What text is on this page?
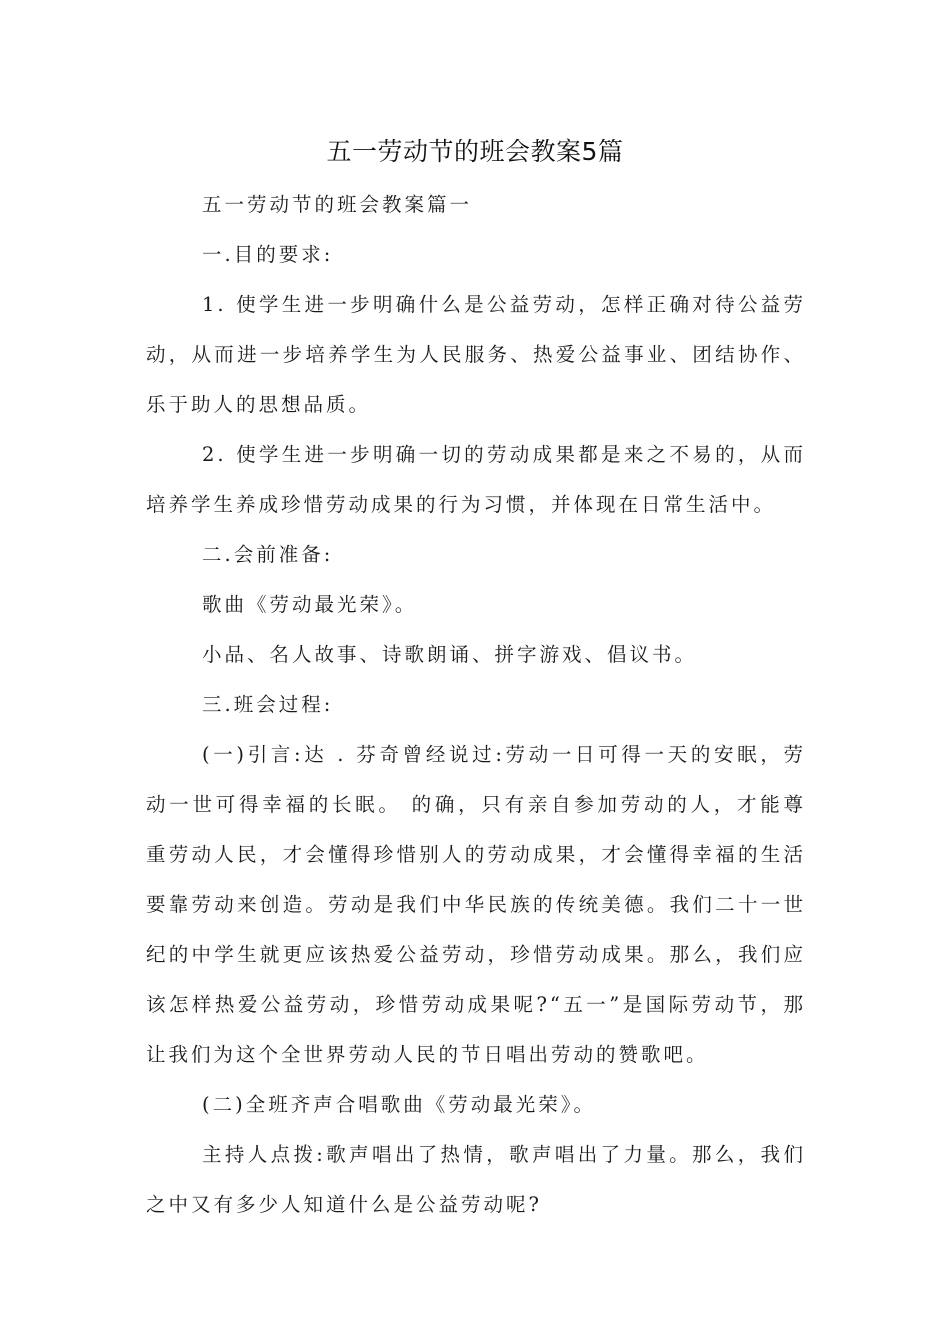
五一劳动节的班会教案5篇

五一劳动节的班会教案篇一

一.目的要求:

1. 使学生进一步明确什么是公益劳动，怎样正确对待公益劳动，从而进一步培养学生为人民服务、热爱公益事业、团结协作、乐于助人的思想品质。

2. 使学生进一步明确一切的劳动成果都是来之不易的，从而培养学生养成珍惜劳动成果的行为习惯，并体现在日常生活中。

二.会前准备:

歌曲《劳动最光荣》。

小品、名人故事、诗歌朗诵、拼字游戏、倡议书。

三.班会过程:

(一)引言:达 . 芬奇曾经说过:劳动一日可得一天的安眠，劳动一世可得幸福的长眠。 的确，只有亲自参加劳动的人，才能尊重劳动人民，才会懂得珍惜别人的劳动成果，才会懂得幸福的生活要靠劳动来创造。劳动是我们中华民族的传统美德。我们二十一世纪的中学生就更应该热爱公益劳动，珍惜劳动成果。那么，我们应该怎样热爱公益劳动，珍惜劳动成果呢?“五一”是国际劳动节，那让我们为这个全世界劳动人民的节日唱出劳动的赞歌吧。

(二)全班齐声合唱歌曲《劳动最光荣》。

主持人点拨:歌声唱出了热情，歌声唱出了力量。那么，我们之中又有多少人知道什么是公益劳动呢?
